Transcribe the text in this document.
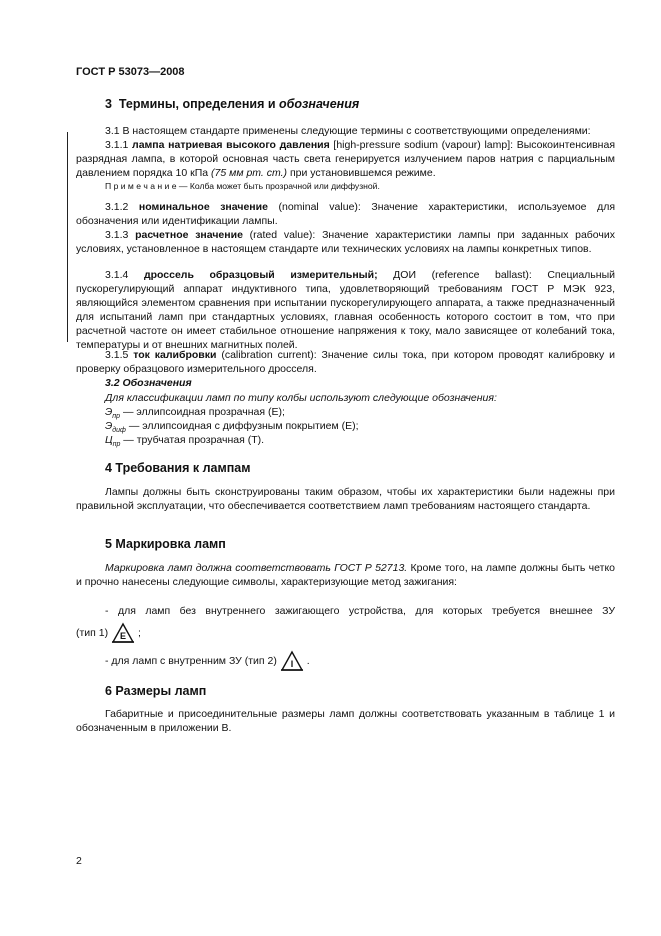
ГОСТ Р 53073—2008
3 Термины, определения и обозначения

3.1 В настоящем стандарте применены следующие термины с соответствующими определениями:

3.1.1 лампа натриевая высокого давления [high-pressure sodium (vapour) lamp]: Высокоинтенсивная разрядная лампа, в которой основная часть света генерируется излучением паров натрия с парциальным давлением порядка 10 кПа (75 мм рт. ст.) при установившемся режиме.

П р и м е ч а н и е — Колба может быть прозрачной или диффузной.

3.1.2 номинальное значение (nominal value): Значение характеристики, используемое для обозначения или идентификации лампы.

3.1.3 расчетное значение (rated value): Значение характеристики лампы при заданных рабочих условиях, установленное в настоящем стандарте или технических условиях на лампы конкретных типов.

3.1.4 дроссель образцовый измерительный; ДОИ (reference ballast): Специальный пускорегулирующий аппарат индуктивного типа, удовлетворяющий требованиям ГОСТ Р МЭК 923, являющийся элементом сравнения при испытании пускорегулирующего аппарата, а также предназначенный для испытаний ламп при стандартных условиях, главная особенность которого состоит в том, что при расчетной частоте он имеет стабильное отношение напряжения к току, мало зависящее от колебаний тока, температуры и от внешних магнитных полей.

3.1.5 ток калибровки (calibration current): Значение силы тока, при котором проводят калибровку и проверку образцового измерительного дросселя.

3.2 Обозначения
Для классификации ламп по типу колбы используют следующие обозначения:
$Э_{пр}$ — эллипсоидная прозрачная (Е);
$Э_{диф}$ — эллипсоидная с диффузным покрытием (Е);
$Ц_{пр}$ — трубчатая прозрачная (Т).
4 Требования к лампам

Лампы должны быть сконструированы таким образом, чтобы их характеристики были надежны при правильной эксплуатации, что обеспечивается соответствием ламп требованиям настоящего стандарта.

5 Маркировка ламп

Маркировка ламп должна соответствовать ГОСТ Р 52713. Кроме того, на лампе должны быть четко и прочно нанесены следующие символы, характеризующие метод зажигания:

- для ламп без внутреннего зажигающего устройства, для которых требуется внешнее ЗУ
(тип 1) E ;
- для ламп с внутренним ЗУ (тип 2) I .
6 Размеры ламп

Габаритные и присоединительные размеры ламп должны соответствовать указанным в таблице 1 и обозначенным в приложении В.

2
